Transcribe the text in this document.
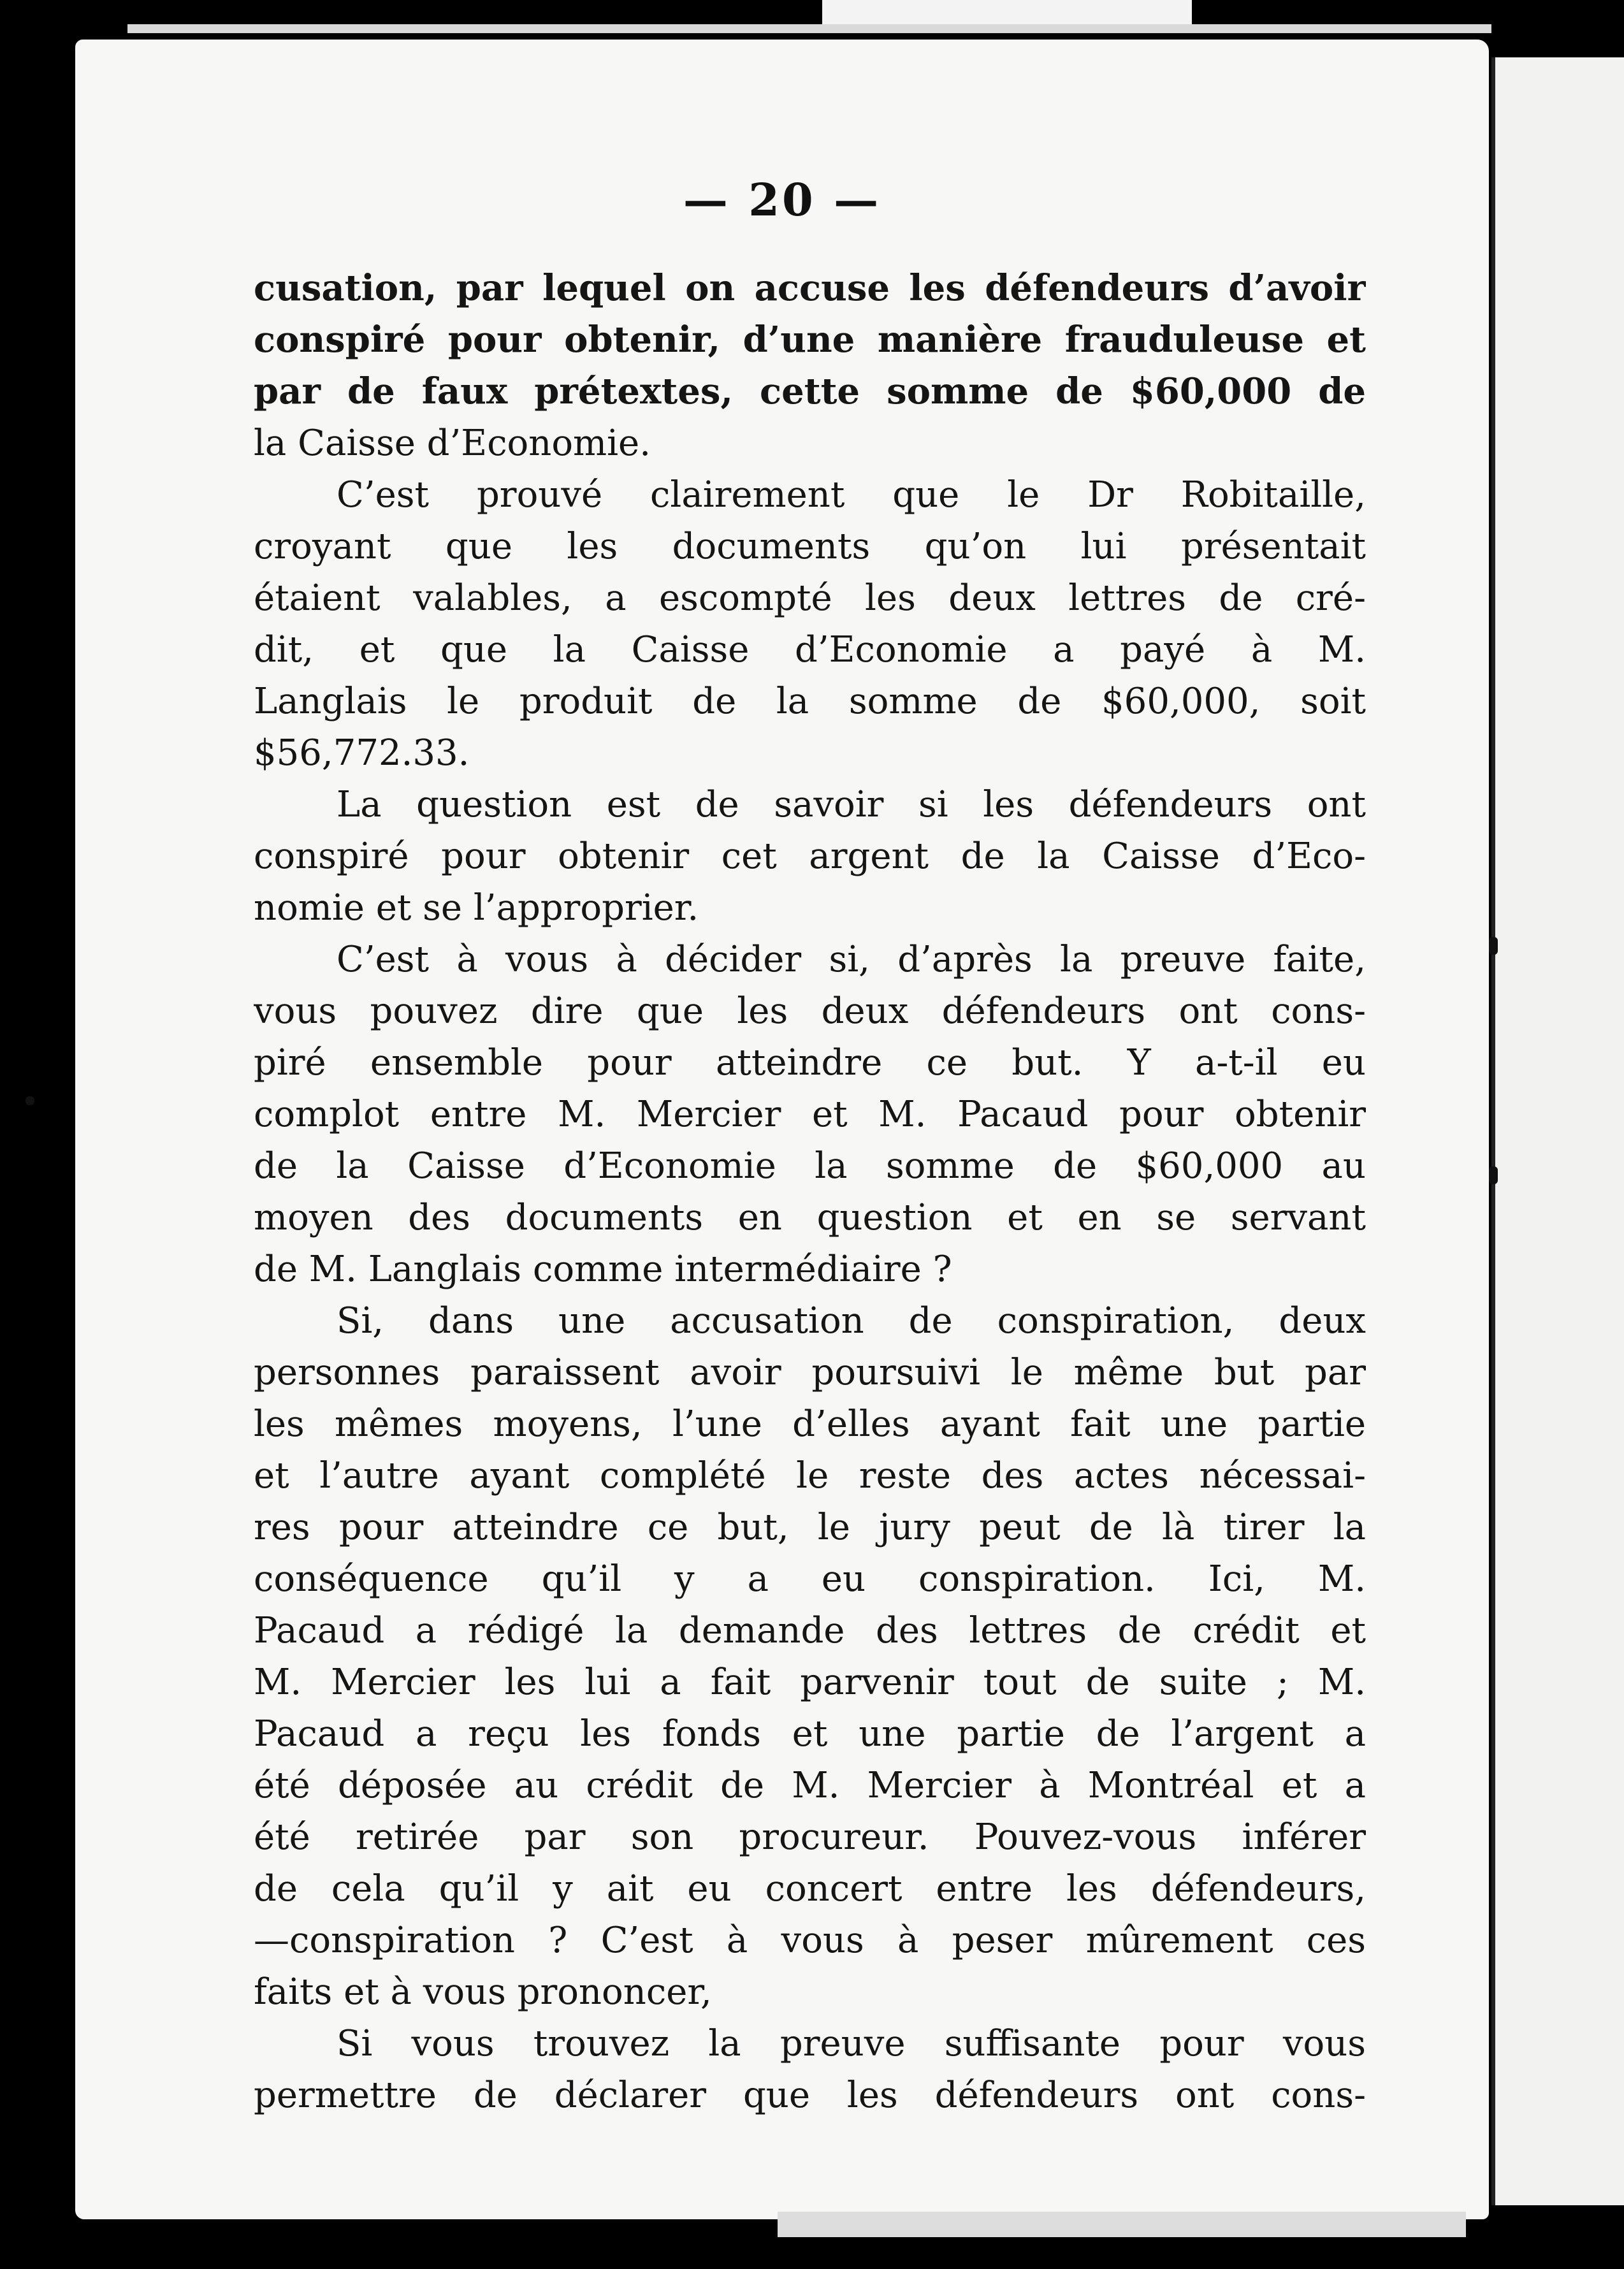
— 20 —
cusation, par lequel on accuse les défendeurs d’avoir
conspiré pour obtenir, d’une manière frauduleuse et
par de faux prétextes, cette somme de $60,000 de
la Caisse d’Economie.
C’est prouvé clairement que le Dr Robitaille,
croyant que les documents qu’on lui présentait
étaient valables, a escompté les deux lettres de cré-
dit, et que la Caisse d’Economie a payé à M.
Langlais le produit de la somme de $60,000, soit
$56,772.33.
La question est de savoir si les défendeurs ont
conspiré pour obtenir cet argent de la Caisse d’Eco-
nomie et se l’approprier.
C’est à vous à décider si, d’après la preuve faite,
vous pouvez dire que les deux défendeurs ont cons-
piré ensemble pour atteindre ce but. Y a-t-il eu
complot entre M. Mercier et M. Pacaud pour obtenir
de la Caisse d’Economie la somme de $60,000 au
moyen des documents en question et en se servant
de M. Langlais comme intermédiaire ?
Si, dans une accusation de conspiration, deux
personnes paraissent avoir poursuivi le même but par
les mêmes moyens, l’une d’elles ayant fait une partie
et l’autre ayant complété le reste des actes nécessai-
res pour atteindre ce but, le jury peut de là tirer la
conséquence qu’il y a eu conspiration. Ici, M.
Pacaud a rédigé la demande des lettres de crédit et
M. Mercier les lui a fait parvenir tout de suite ; M.
Pacaud a reçu les fonds et une partie de l’argent a
été déposée au crédit de M. Mercier à Montréal et a
été retirée par son procureur. Pouvez-vous inférer
de cela qu’il y ait eu concert entre les défendeurs,
—conspiration ? C’est à vous à peser mûrement ces
faits et à vous prononcer,
Si vous trouvez la preuve suffisante pour vous
permettre de déclarer que les défendeurs ont cons-
